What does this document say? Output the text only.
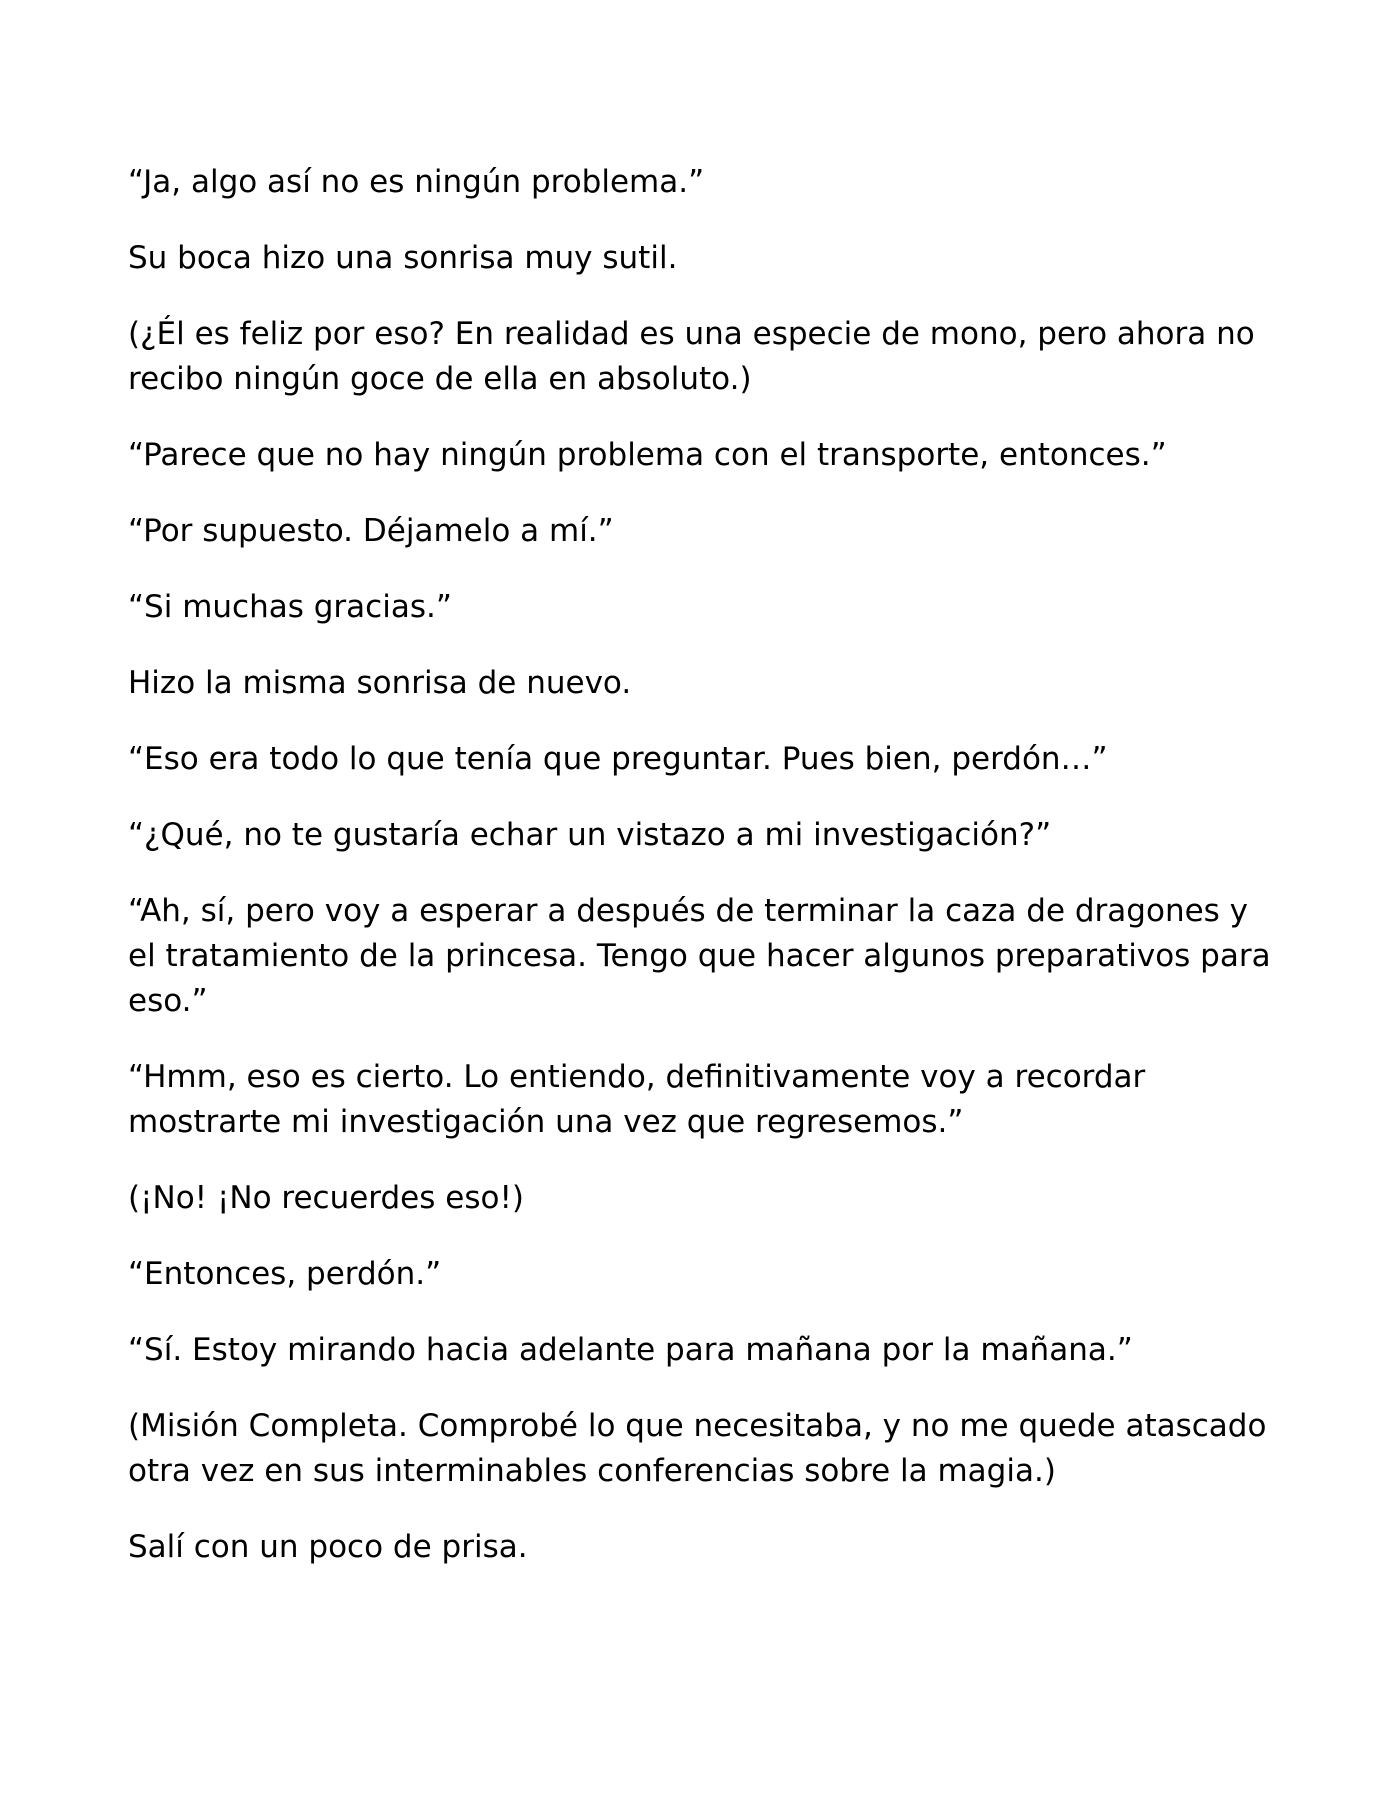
“Ja, algo así no es ningún problema.”

Su boca hizo una sonrisa muy sutil.

(¿Él es feliz por eso? En realidad es una especie de mono, pero ahora no recibo ningún goce de ella en absoluto.)

“Parece que no hay ningún problema con el transporte, entonces.”

“Por supuesto. Déjamelo a mí.”

“Si muchas gracias.”

Hizo la misma sonrisa de nuevo.

“Eso era todo lo que tenía que preguntar. Pues bien, perdón…”

“¿Qué, no te gustaría echar un vistazo a mi investigación?”

“Ah, sí, pero voy a esperar a después de terminar la caza de dragones y el tratamiento de la princesa. Tengo que hacer algunos preparativos para eso.”

“Hmm, eso es cierto. Lo entiendo, definitivamente voy a recordar mostrarte mi investigación una vez que regresemos.”

(¡No! ¡No recuerdes eso!)

“Entonces, perdón.”

“Sí. Estoy mirando hacia adelante para mañana por la mañana.”

(Misión Completa. Comprobé lo que necesitaba, y no me quede atascado otra vez en sus interminables conferencias sobre la magia.)

Salí con un poco de prisa.
